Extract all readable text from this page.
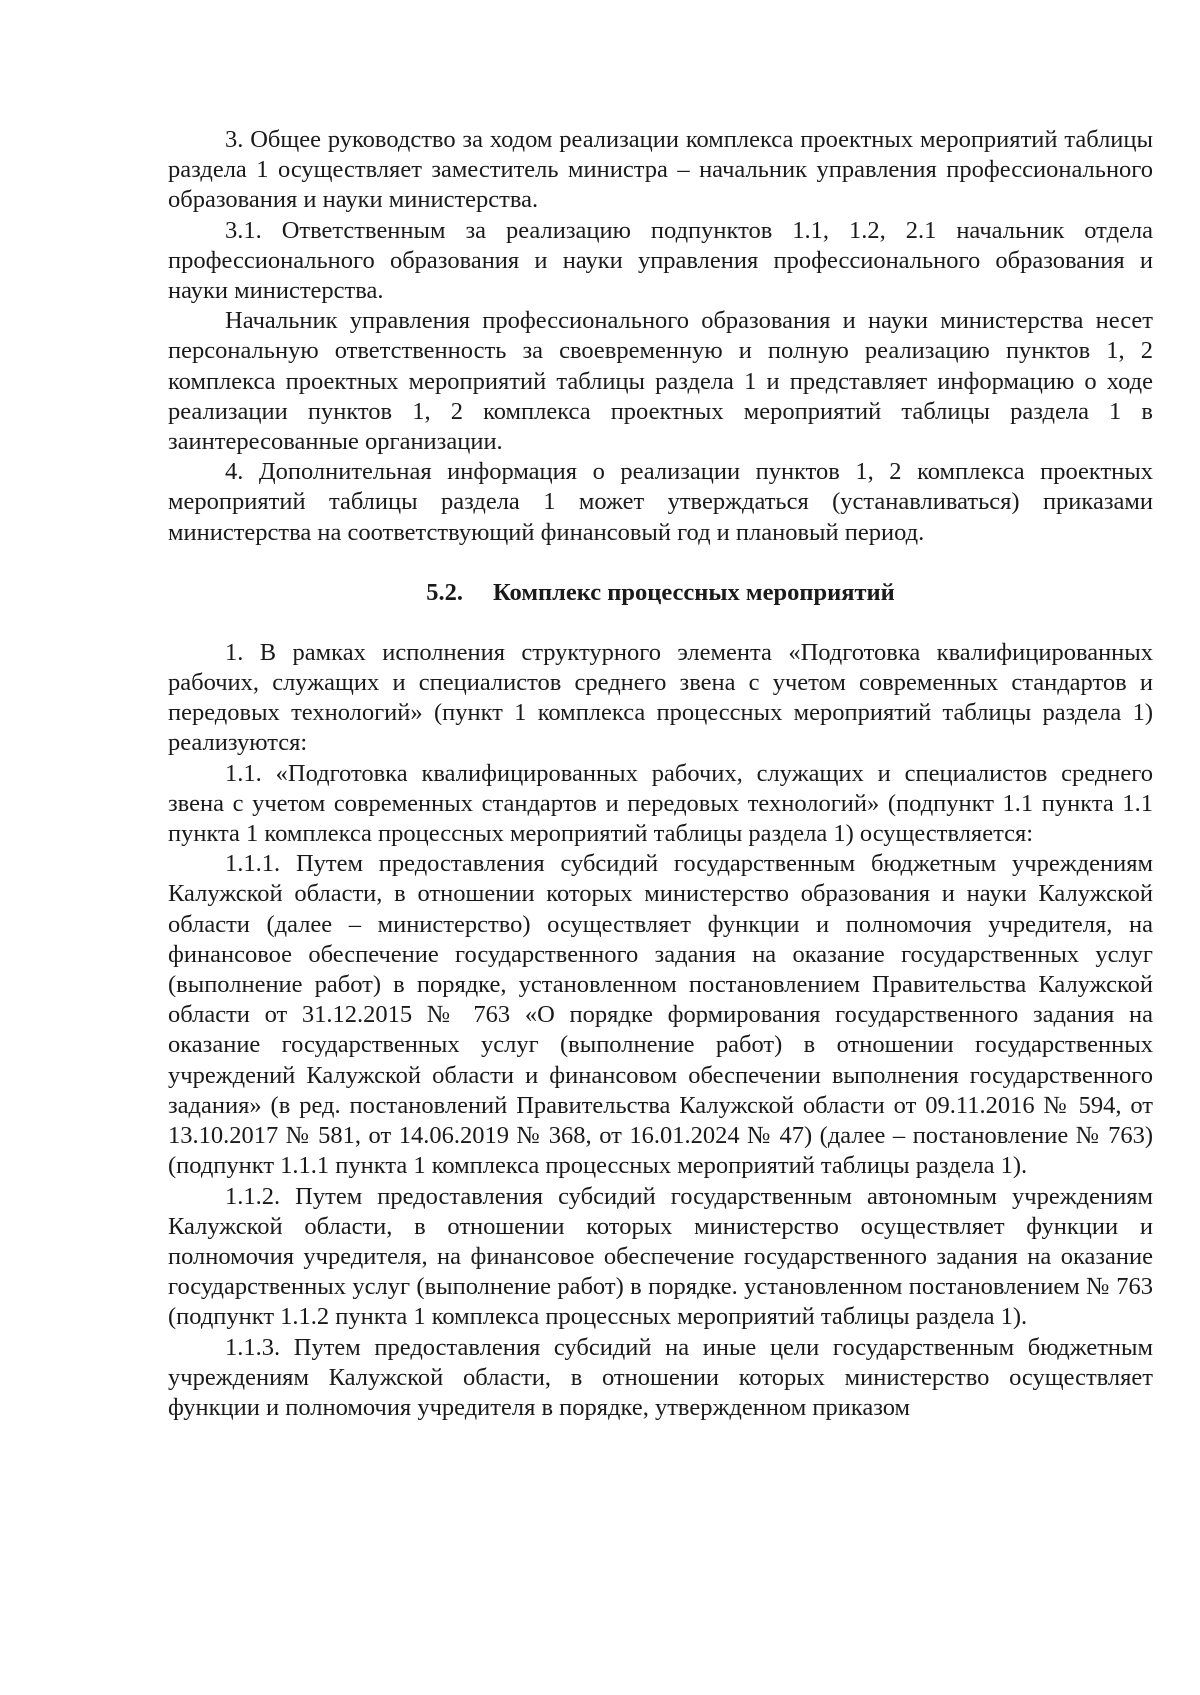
3. Общее руководство за ходом реализации комплекса проектных мероприятий таблицы раздела 1 осуществляет заместитель министра – начальник управления профессионального образования и науки министерства.

3.1. Ответственным за реализацию подпунктов 1.1, 1.2, 2.1 начальник отдела профессионального образования и науки управления профессионального образования и науки министерства.

Начальник управления профессионального образования и науки министерства несет персональную ответственность за своевременную и полную реализацию пунктов 1, 2 комплекса проектных мероприятий таблицы раздела 1 и представляет информацию о ходе реализации пунктов 1, 2 комплекса проектных мероприятий таблицы раздела 1 в заинтересованные организации.

4. Дополнительная информация о реализации пунктов 1, 2 комплекса проектных мероприятий таблицы раздела 1 может утверждаться (устанавливаться) приказами министерства на соответствующий финансовый год и плановый период.

5.2. Комплекс процессных мероприятий

1. В рамках исполнения структурного элемента «Подготовка квалифицированных рабочих, служащих и специалистов среднего звена с учетом современных стандартов и передовых технологий» (пункт 1 комплекса процессных мероприятий таблицы раздела 1) реализуются:

1.1. «Подготовка квалифицированных рабочих, служащих и специалистов среднего звена с учетом современных стандартов и передовых технологий» (подпункт 1.1 пункта 1.1 пункта 1 комплекса процессных мероприятий таблицы раздела 1) осуществляется:

1.1.1. Путем предоставления субсидий государственным бюджетным учреждениям Калужской области, в отношении которых министерство образования и науки Калужской области (далее – министерство) осуществляет функции и полномочия учредителя, на финансовое обеспечение государственного задания на оказание государственных услуг (выполнение работ) в порядке, установленном постановлением Правительства Калужской области от 31.12.2015 № 763 «О порядке формирования государственного задания на оказание государственных услуг (выполнение работ) в отношении государственных учреждений Калужской области и финансовом обеспечении выполнения государственного задания» (в ред. постановлений Правительства Калужской области от 09.11.2016 № 594, от 13.10.2017 № 581, от 14.06.2019 № 368, от 16.01.2024 № 47) (далее – постановление № 763) (подпункт 1.1.1 пункта 1 комплекса процессных мероприятий таблицы раздела 1).

1.1.2. Путем предоставления субсидий государственным автономным учреждениям Калужской области, в отношении которых министерство осуществляет функции и полномочия учредителя, на финансовое обеспечение государственного задания на оказание государственных услуг (выполнение работ) в порядке. установленном постановлением № 763 (подпункт 1.1.2 пункта 1 комплекса процессных мероприятий таблицы раздела 1).

1.1.3. Путем предоставления субсидий на иные цели государственным бюджетным учреждениям Калужской области, в отношении которых министерство осуществляет функции и полномочия учредителя в порядке, утвержденном приказом
